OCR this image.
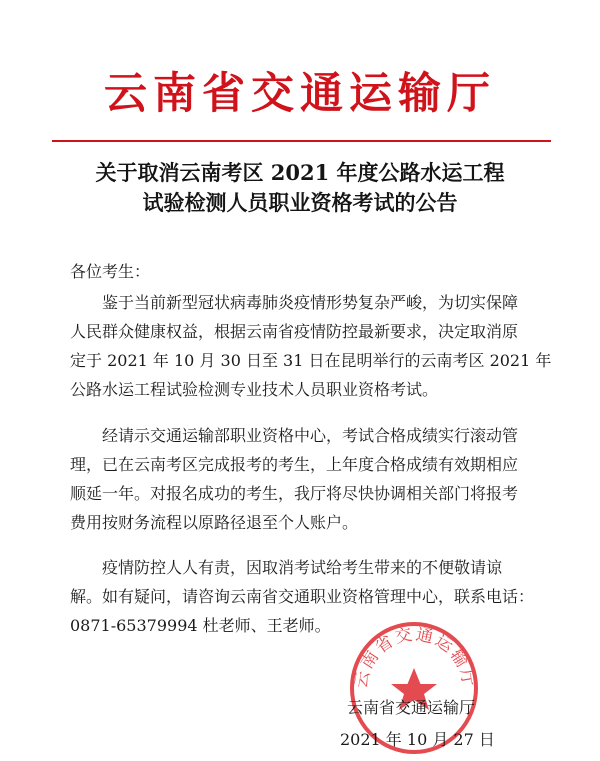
云南省交通运输厅
关于取消云南考区 2021 年度公路水运工程
试验检测人员职业资格考试的公告
各位考生：
鉴于当前新型冠状病毒肺炎疫情形势复杂严峻，为切实保障
人民群众健康权益，根据云南省疫情防控最新要求，决定取消原
定于 2021 年 10 月 30 日至 31 日在昆明举行的云南考区 2021 年
公路水运工程试验检测专业技术人员职业资格考试。
经请示交通运输部职业资格中心，考试合格成绩实行滚动管
理，已在云南考区完成报考的考生，上年度合格成绩有效期相应
顺延一年。对报名成功的考生，我厅将尽快协调相关部门将报考
费用按财务流程以原路径退至个人账户。
疫情防控人人有责，因取消考试给考生带来的不便敬请谅
解。如有疑问，请咨询云南省交通职业资格管理中心，联系电话：
0871-65379994 杜老师、王老师。
云南省交通运输厅
云南省交通运输厅
2021 年 10 月 27 日
